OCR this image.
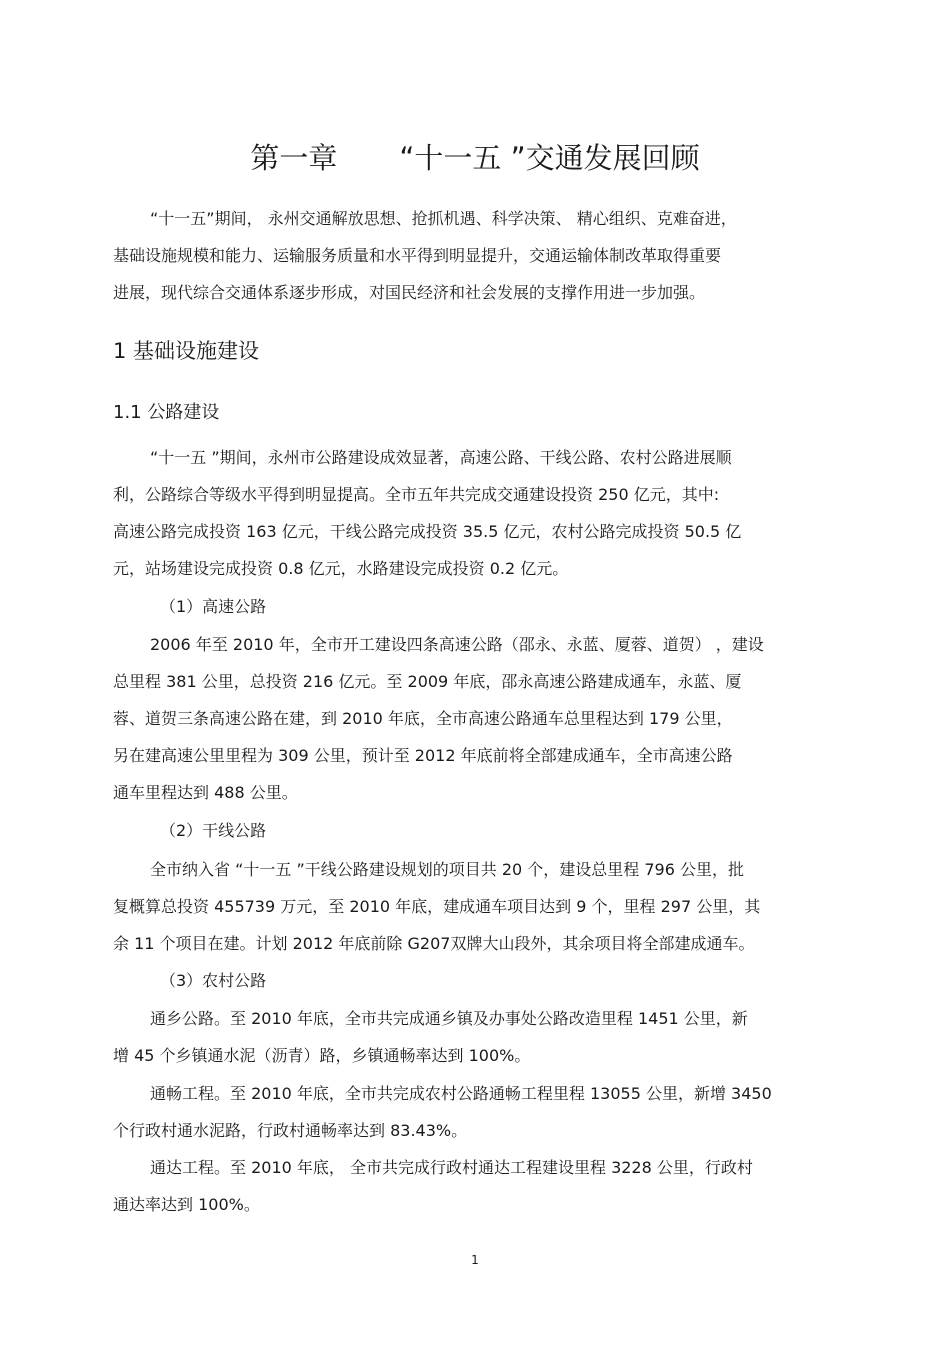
第一章 “十一五 ”交通发展回顾
“十一五”期间， 永州交通解放思想、抢抓机遇、科学决策、 精心组织、克难奋进，
基础设施规模和能力、运输服务质量和水平得到明显提升，交通运输体制改革取得重要
进展，现代综合交通体系逐步形成，对国民经济和社会发展的支撑作用进一步加强。
1 基础设施建设
1.1 公路建设
“十一五 ”期间，永州市公路建设成效显著，高速公路、干线公路、农村公路进展顺
利，公路综合等级水平得到明显提高。全市五年共完成交通建设投资 250 亿元，其中:
高速公路完成投资 163 亿元，干线公路完成投资 35.5 亿元，农村公路完成投资 50.5 亿
元，站场建设完成投资 0.8 亿元，水路建设完成投资 0.2 亿元。
（1）高速公路
2006 年至 2010 年，全市开工建设四条高速公路（邵永、永蓝、厦蓉、道贺） ，建设
总里程 381 公里，总投资 216 亿元。至 2009 年底，邵永高速公路建成通车，永蓝、厦
蓉、道贺三条高速公路在建，到 2010 年底，全市高速公路通车总里程达到 179 公里，
另在建高速公里里程为 309 公里，预计至 2012 年底前将全部建成通车，全市高速公路
通车里程达到 488 公里。
（2）干线公路
全市纳入省 “十一五 ”干线公路建设规划的项目共 20 个，建设总里程 796 公里，批
复概算总投资 455739 万元，至 2010 年底，建成通车项目达到 9 个，里程 297 公里，其
余 11 个项目在建。计划 2012 年底前除 G207双牌大山段外，其余项目将全部建成通车。
（3）农村公路
通乡公路。至 2010 年底，全市共完成通乡镇及办事处公路改造里程 1451 公里，新
增 45 个乡镇通水泥（沥青）路，乡镇通畅率达到 100%。
通畅工程。至 2010 年底，全市共完成农村公路通畅工程里程 13055 公里，新增 3450
个行政村通水泥路，行政村通畅率达到 83.43%。
通达工程。至 2010 年底， 全市共完成行政村通达工程建设里程 3228 公里，行政村
通达率达到 100%。
1
